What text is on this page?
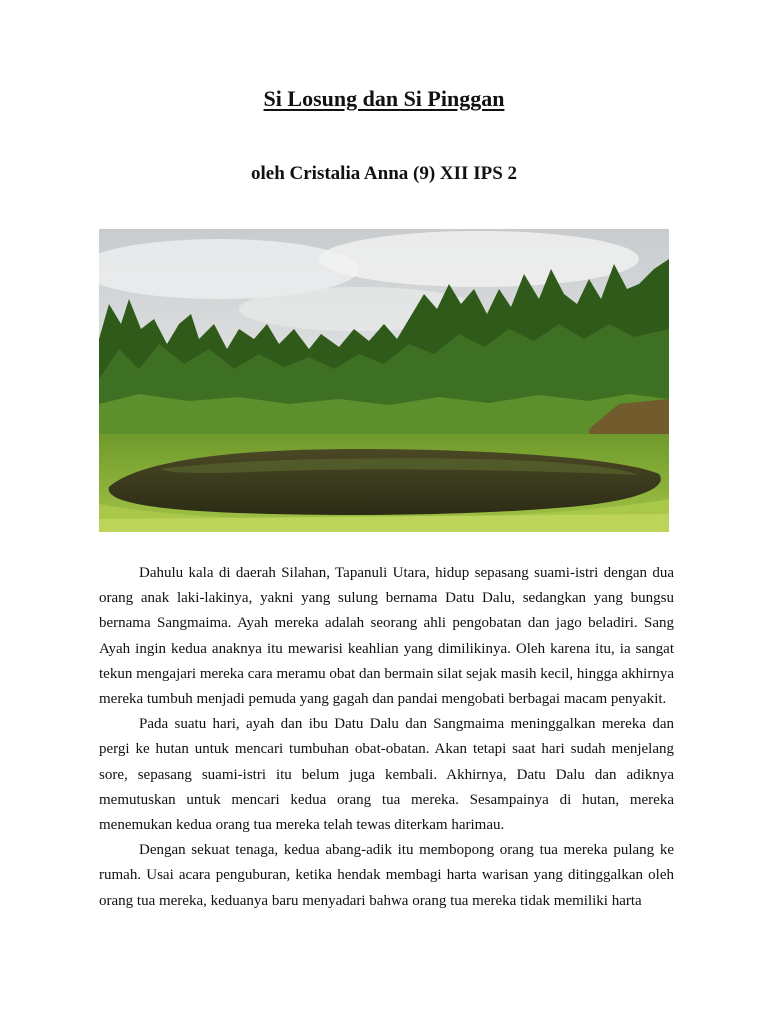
Si Losung dan Si Pinggan
oleh Cristalia Anna (9) XII IPS 2

Dahulu kala di daerah Silahan, Tapanuli Utara, hidup sepasang suami-istri dengan dua orang anak laki-lakinya, yakni yang sulung bernama Datu Dalu, sedangkan yang bungsu bernama Sangmaima. Ayah mereka adalah seorang ahli pengobatan dan jago beladiri. Sang Ayah ingin kedua anaknya itu mewarisi keahlian yang dimilikinya. Oleh karena itu, ia sangat tekun mengajari mereka cara meramu obat dan bermain silat sejak masih kecil, hingga akhirnya mereka tumbuh menjadi pemuda yang gagah dan pandai mengobati berbagai macam penyakit.

Pada suatu hari, ayah dan ibu Datu Dalu dan Sangmaima meninggalkan mereka dan pergi ke hutan untuk mencari tumbuhan obat-obatan. Akan tetapi saat hari sudah menjelang sore, sepasang suami-istri itu belum juga kembali. Akhirnya, Datu Dalu dan adiknya memutuskan untuk mencari kedua orang tua mereka. Sesampainya di hutan, mereka menemukan kedua orang tua mereka telah tewas diterkam harimau.

Dengan sekuat tenaga, kedua abang-adik itu membopong orang tua mereka pulang ke rumah. Usai acara penguburan, ketika hendak membagi harta warisan yang ditinggalkan oleh orang tua mereka, keduanya baru menyadari bahwa orang tua mereka tidak memiliki harta
